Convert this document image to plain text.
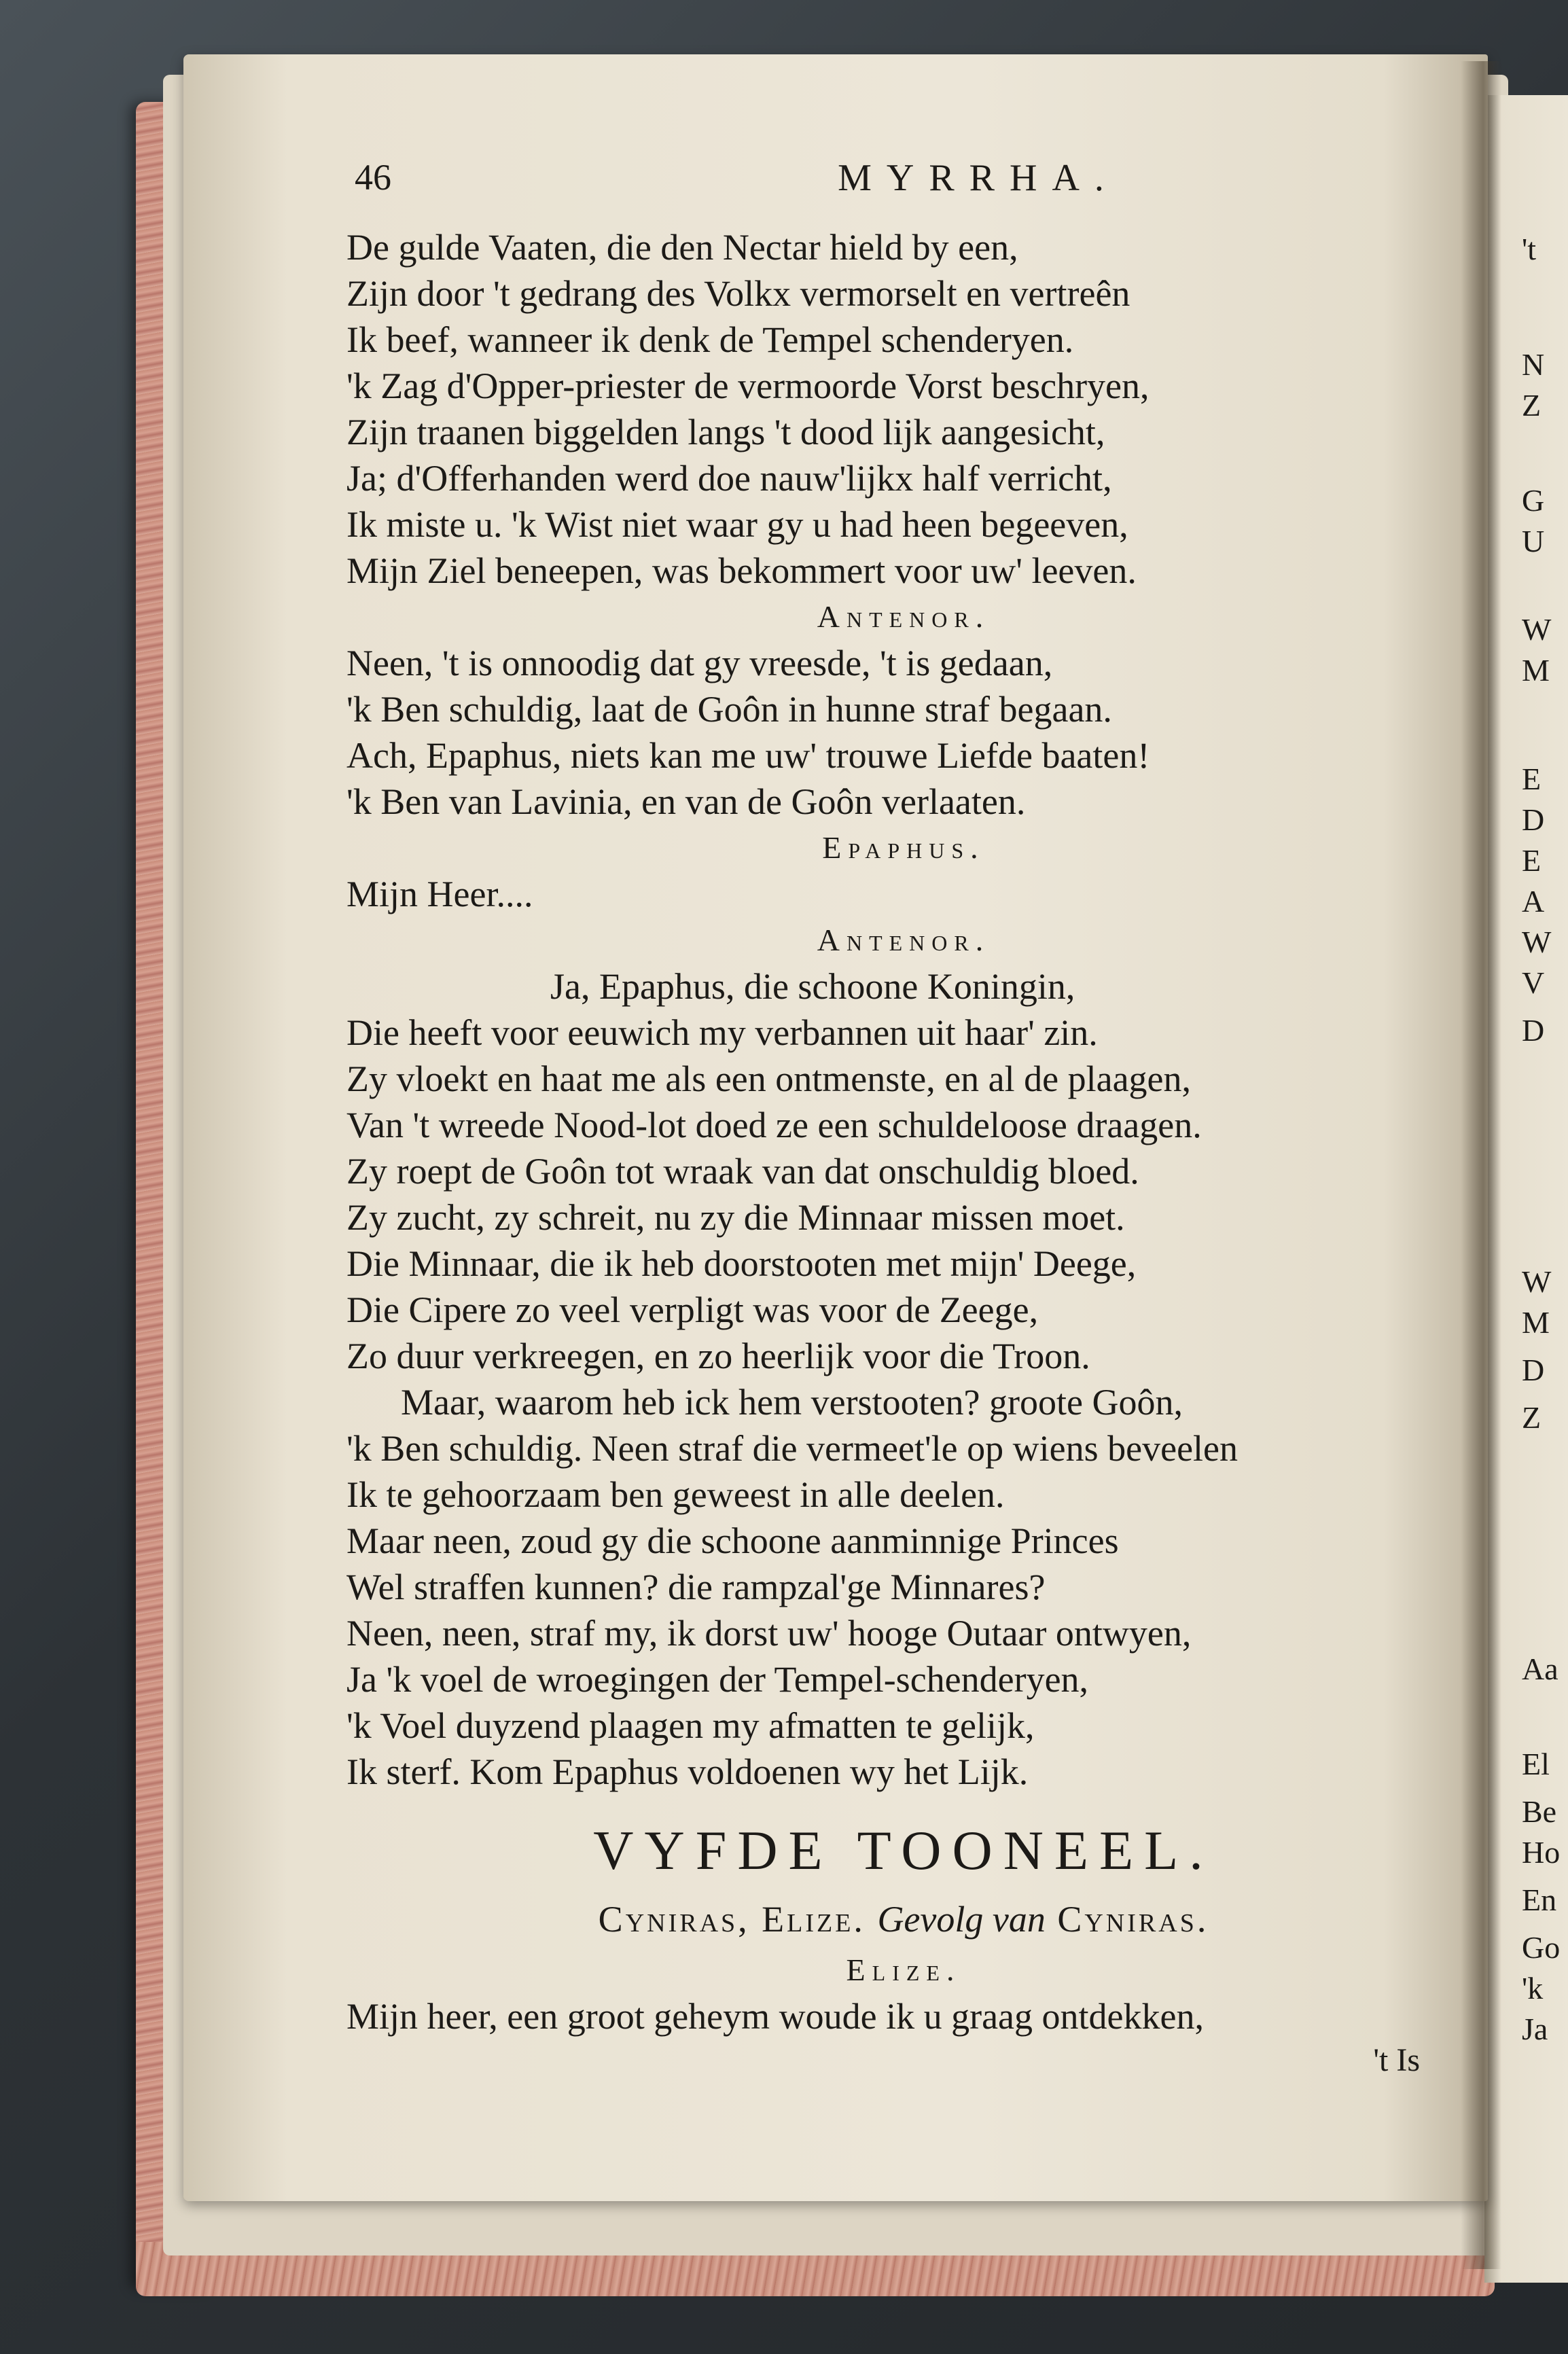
't
N
Z
G
U
W
M
E
D
E
A
W
V
D
W
M
D
Z
Aa
El
Be
Ho
En
Go
'k
Ja
46	MYRRHA.
De gulde Vaaten, die den Nectar hield by een,
Zijn door 't gedrang des Volkx vermorselt en vertreên
Ik beef, wanneer ik denk de Tempel schenderyen.
'k Zag d'Opper-priester de vermoorde Vorst beschryen,
Zijn traanen biggelden langs 't dood lijk aangesicht,
Ja; d'Offerhanden werd doe nauw'lijkx half verricht,
Ik miste u. 'k Wist niet waar gy u had heen begeeven,
Mijn Ziel beneepen, was bekommert voor uw' leeven.
Antenor.
Neen, 't is onnoodig dat gy vreesde, 't is gedaan,
'k Ben schuldig, laat de Goôn in hunne straf begaan.
Ach, Epaphus, niets kan me uw' trouwe Liefde baaten!
'k Ben van Lavinia, en van de Goôn verlaaten.
Epaphus.
Mijn Heer....
Antenor.
Ja, Epaphus, die schoone Koningin,
Die heeft voor eeuwich my verbannen uit haar' zin.
Zy vloekt en haat me als een ontmenste, en al de plaagen,
Van 't wreede Nood-lot doed ze een schuldeloose draagen.
Zy roept de Goôn tot wraak van dat onschuldig bloed.
Zy zucht, zy schreit, nu zy die Minnaar missen moet.
Die Minnaar, die ik heb doorstooten met mijn' Deege,
Die Cipere zo veel verpligt was voor de Zeege,
Zo duur verkreegen, en zo heerlijk voor die Troon.
Maar, waarom heb ick hem verstooten? groote Goôn,
'k Ben schuldig. Neen straf die vermeet'le op wiens beveelen
Ik te gehoorzaam ben geweest in alle deelen.
Maar neen, zoud gy die schoone aanminnige Princes
Wel straffen kunnen? die rampzal'ge Minnares?
Neen, neen, straf my, ik dorst uw' hooge Outaar ontwyen,
Ja 'k voel de wroegingen der Tempel-schenderyen,
'k Voel duyzend plaagen my afmatten te gelijk,
Ik sterf. Kom Epaphus voldoenen wy het Lijk.
VYFDE TOONEEL.
Cyniras, Elize. Gevolg van Cyniras.
Elize.
Mijn heer, een groot geheym woude ik u graag ontdekken,
't Is
